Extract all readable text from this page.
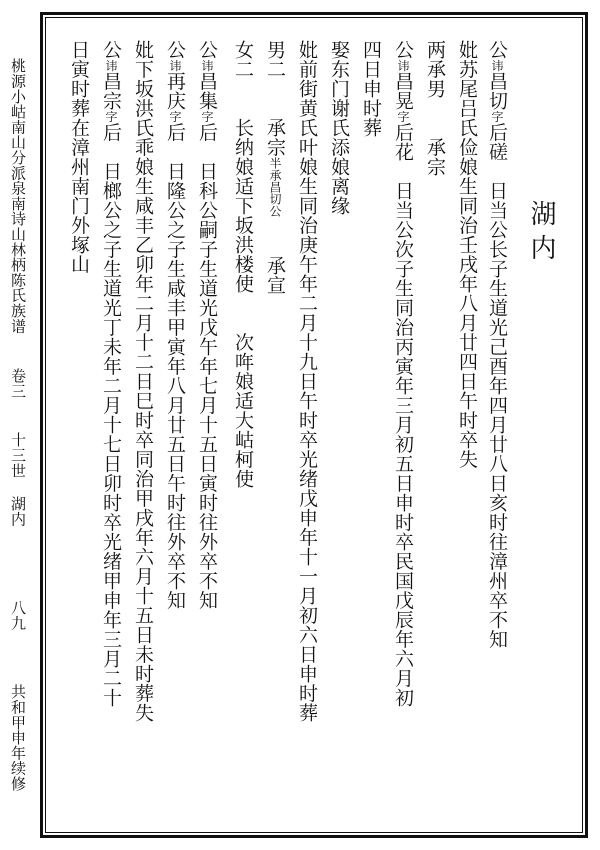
桃源小岵南山分派泉南诗山林柄陈氏族谱
卷三
十三世
湖内
八九
共和甲申年续修
湖内
公讳昌切字后磋　日当公长子生道光己酉年四月廿八日亥时往漳州卒不知
妣苏尾吕氏俭娘生同治壬戌年八月廿四日午时卒失
两承男　　承宗
公讳昌晃字后花　日当公次子生同治丙寅年三月初五日申时卒民国戊辰年六月初
四日申时葬
娶东门谢氏添娘离缘
妣前街黄氏叶娘生同治庚午年二月十九日午时卒光绪戊申年十一月初六日申时葬
男二　　承宗半承昌切公　　承宣
女二　　长纳娘适下坂洪楼使　　次哖娘适大岵柯使
公讳昌集字后　日科公嗣子生道光戊午年七月十五日寅时往外卒不知
公讳再庆字后　日隆公之子生咸丰甲寅年八月廿五日午时往外卒不知
妣下坂洪氏乖娘生咸丰乙卯年二月十二日巳时卒同治甲戌年六月十五日未时葬失
公讳昌宗字后　日榔公之子生道光丁未年二月十七日卯时卒光绪甲申年三月二十
日寅时葬在漳州南门外塚山
